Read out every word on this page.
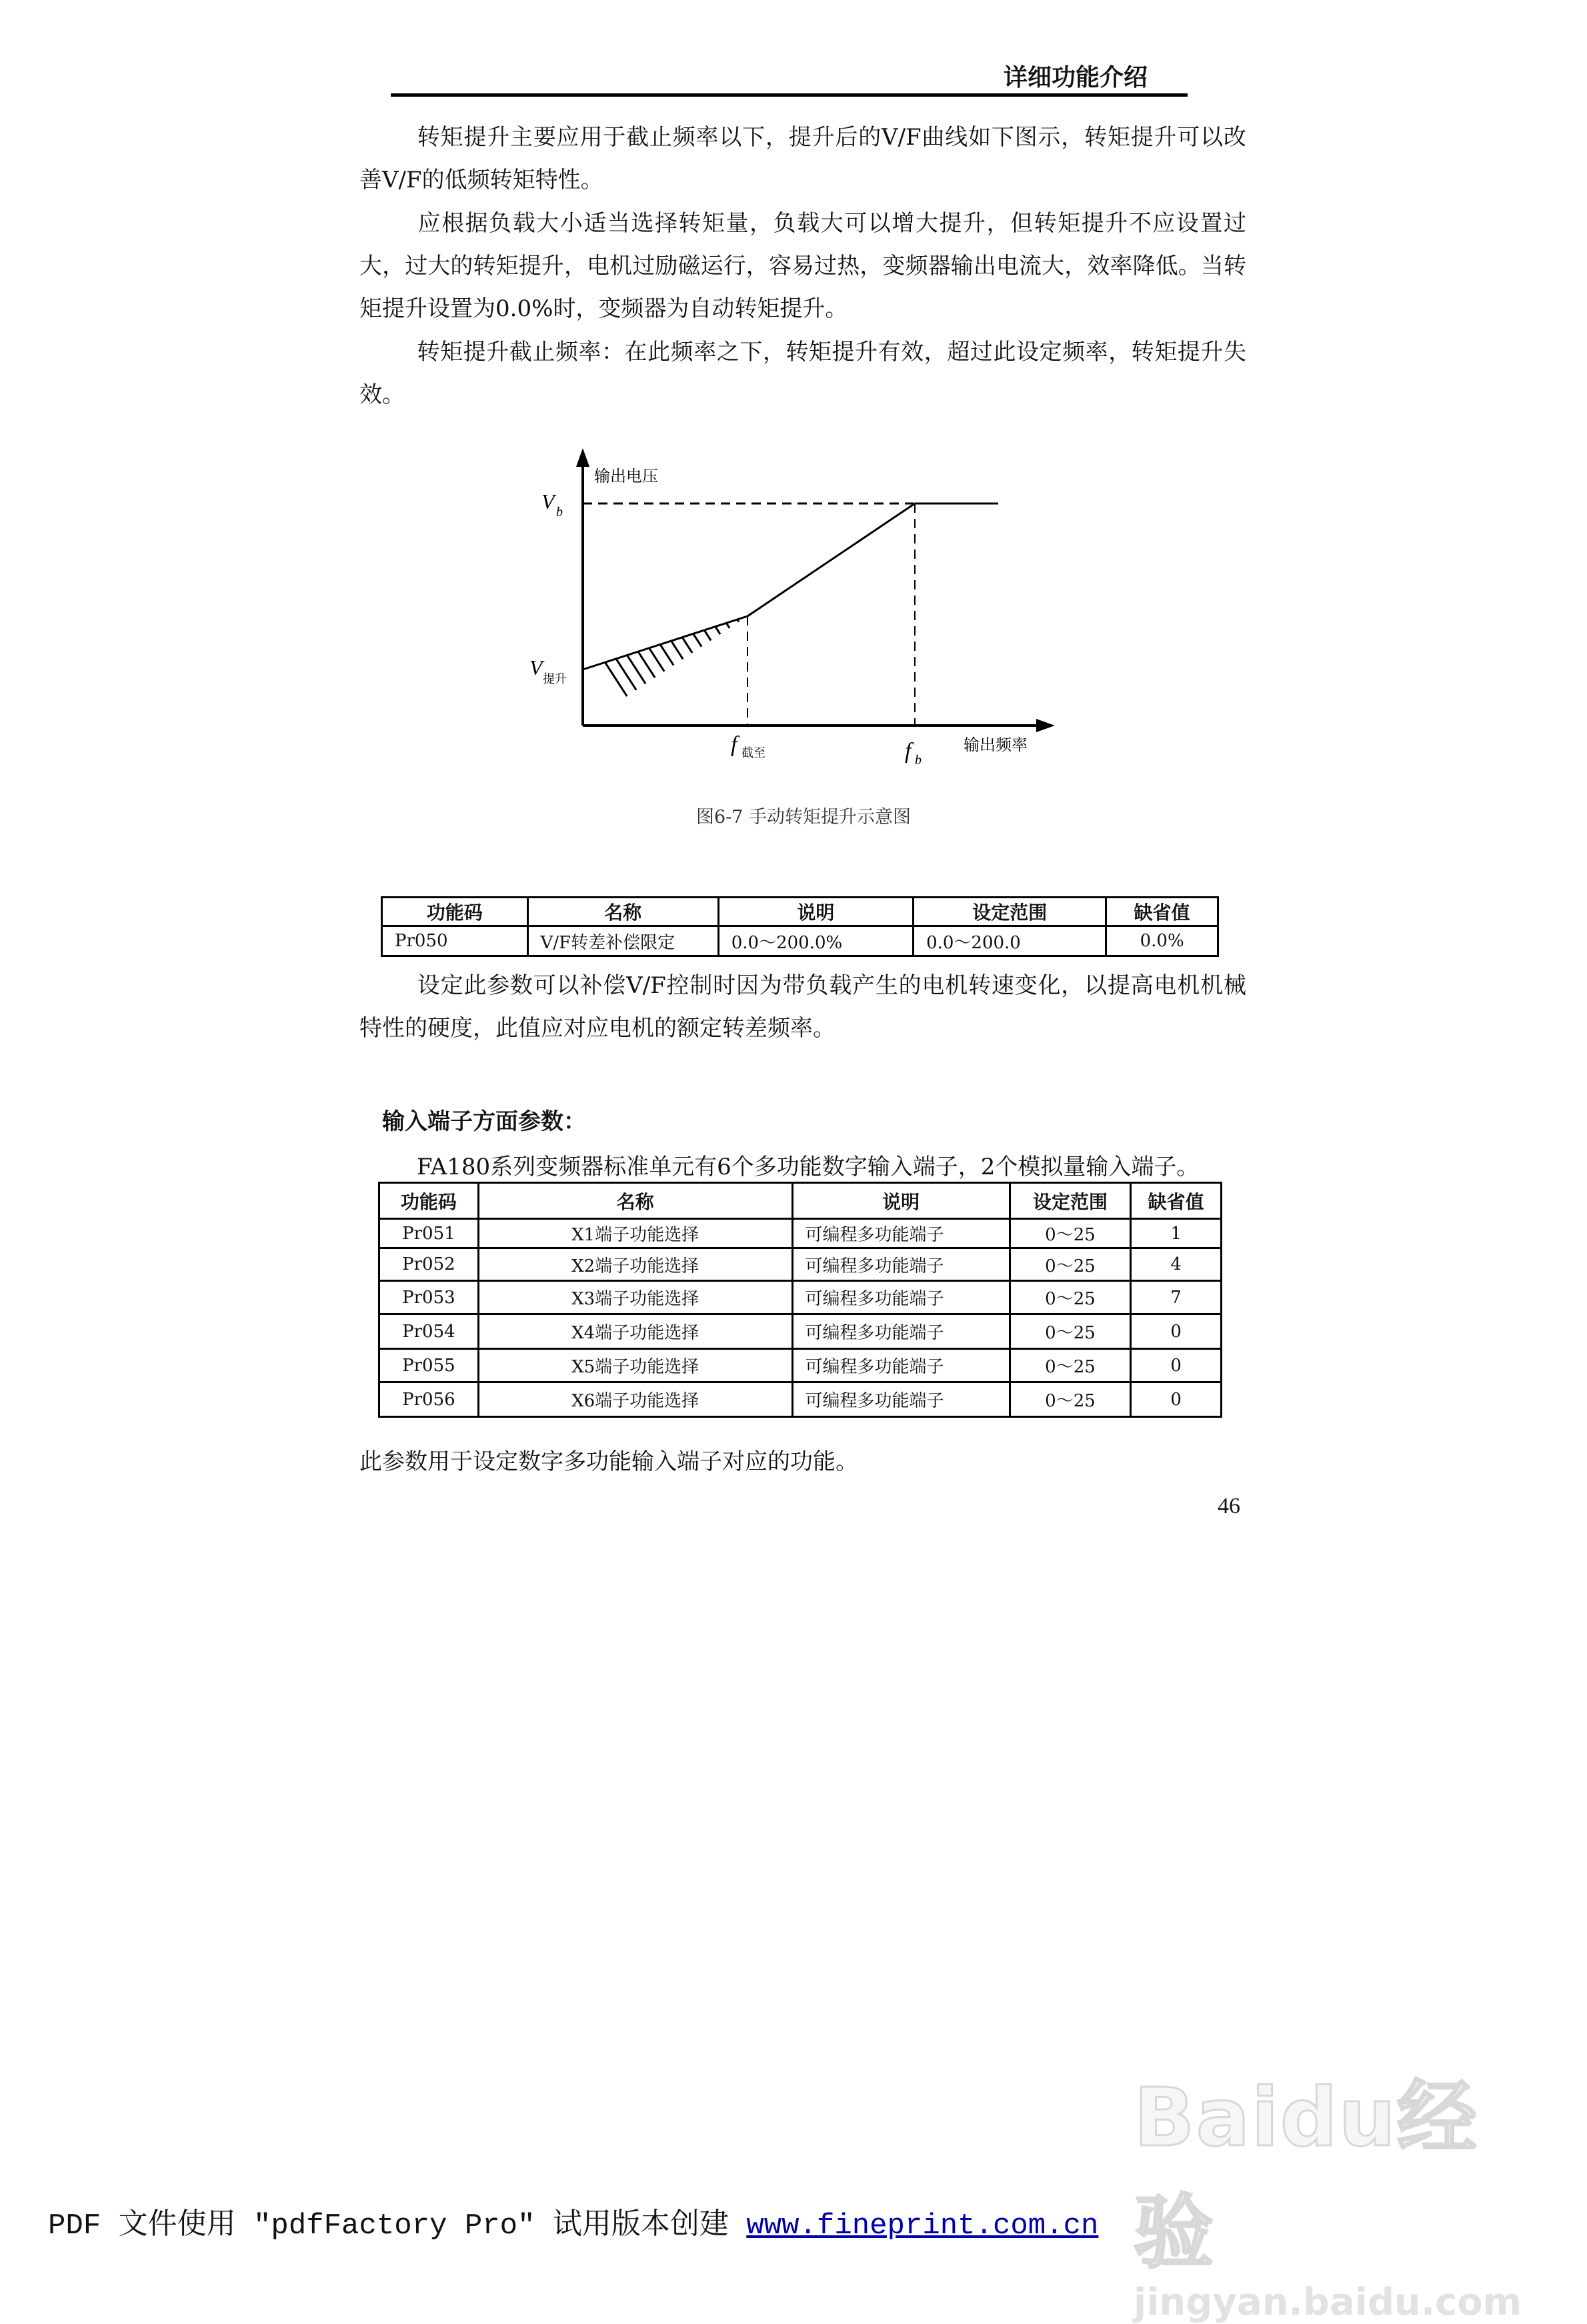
详细功能介绍
转矩提升主要应用于截止频率以下，提升后的V/F曲线如下图示，转矩提升可以改善V/F的低频转矩特性。
应根据负载大小适当选择转矩量，负载大可以增大提升，但转矩提升不应设置过大，过大的转矩提升，电机过励磁运行，容易过热，变频器输出电流大，效率降低。当转矩提升设置为0.0%时，变频器为自动转矩提升。
转矩提升截止频率：在此频率之下，转矩提升有效，超过此设定频率，转矩提升失效。
输出电压
输出频率
V b
V 提升
f 截至	f b
图6-7 手动转矩提升示意图
功能码	名称	说明	设定范围	缺省值
Pr050	V/F转差补偿限定	0.0～200.0%	0.0～200.0	0.0%
设定此参数可以补偿V/F控制时因为带负载产生的电机转速变化，以提高电机机械特性的硬度，此值应对应电机的额定转差频率。
输入端子方面参数：
FA180系列变频器标准单元有6个多功能数字输入端子，2个模拟量输入端子。
功能码	名称	说明	设定范围	缺省值
Pr051	X1端子功能选择	可编程多功能端子	0～25	1
Pr052	X2端子功能选择	可编程多功能端子	0～25	4
Pr053	X3端子功能选择	可编程多功能端子	0～25	7
Pr054	X4端子功能选择	可编程多功能端子	0～25	0
Pr055	X5端子功能选择	可编程多功能端子	0～25	0
Pr056	X6端子功能选择	可编程多功能端子	0～25	0
此参数用于设定数字多功能输入端子对应的功能。
46
Baidu经验
jingyan.baidu.com
PDF 文件使用 "pdfFactory Pro" 试用版本创建 www.fineprint.com.cn
